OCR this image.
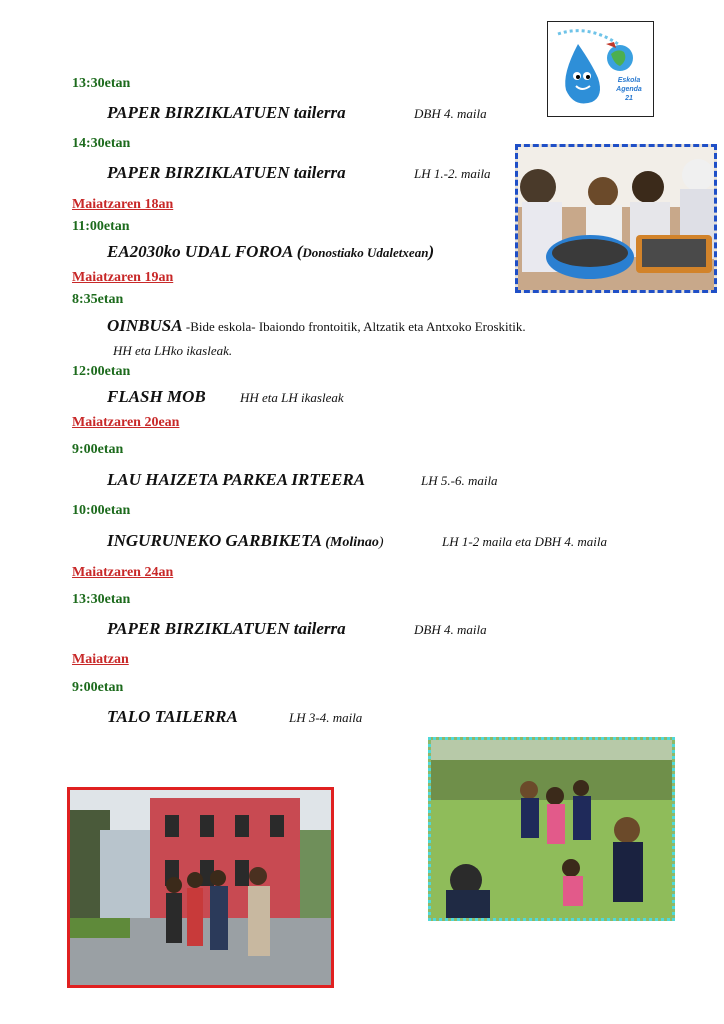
Eskola
Agenda
21
13:30etan
PAPER BIRZIKLATUEN tailerra	DBH 4. maila
14:30etan
PAPER BIRZIKLATUEN tailerra	LH 1.-2. maila
Maiatzaren 18an
11:00etan
EA2030ko UDAL FOROA (Donostiako Udaletxean)
Maiatzaren 19an
8:35etan
OINBUSA -Bide eskola- Ibaiondo frontoitik, Altzatik eta Antxoko Eroskitik.
HH eta LHko ikasleak.
12:00etan
FLASH MOB	HH eta LH ikasleak
Maiatzaren 20ean
9:00etan
LAU HAIZETA PARKEA IRTEERA	LH 5.-6. maila
10:00etan
INGURUNEKO GARBIKETA (Molinao)	LH 1-2 maila eta DBH 4. maila
Maiatzaren 24an
13:30etan
PAPER BIRZIKLATUEN tailerra	DBH 4. maila
Maiatzan
9:00etan
TALO TAILERRA	LH 3-4. maila
